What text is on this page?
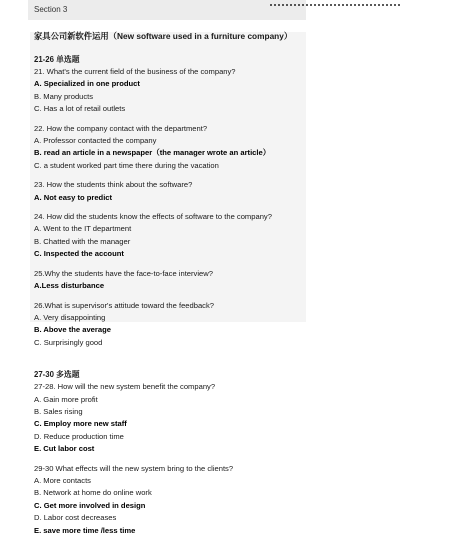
Section 3
家具公司新软件运用（New software used in a furniture company）
21-26 单选题
21. What's the current field of the business of the company?
A. Specialized in one product
B. Many products
C. Has a lot of retail outlets
22. How the company contact with the department?
A. Professor contacted the company
B. read an article in a newspaper（the manager wrote an article）
C. a student worked part time there during the vacation
23. How the students think about the software?
A. Not easy to predict
24. How did the students know the effects of software to the company?
A. Went to the IT department
B. Chatted with the manager
C. Inspected the account
25.Why the students have the face-to-face interview?
A.Less disturbance
26.What is supervisor's attitude toward the feedback?
A. Very disappointing
B. Above the average
C. Surprisingly good
27-30 多选题
27-28. How will the new system benefit the company?
A. Gain more profit
B. Sales rising
C. Employ more new staff
D. Reduce production time
E. Cut labor cost
29-30 What effects will the new system bring to the clients?
A. More contacts
B. Network at home do online work
C. Get more involved in design
D. Labor cost decreases
E. save more time /less time
